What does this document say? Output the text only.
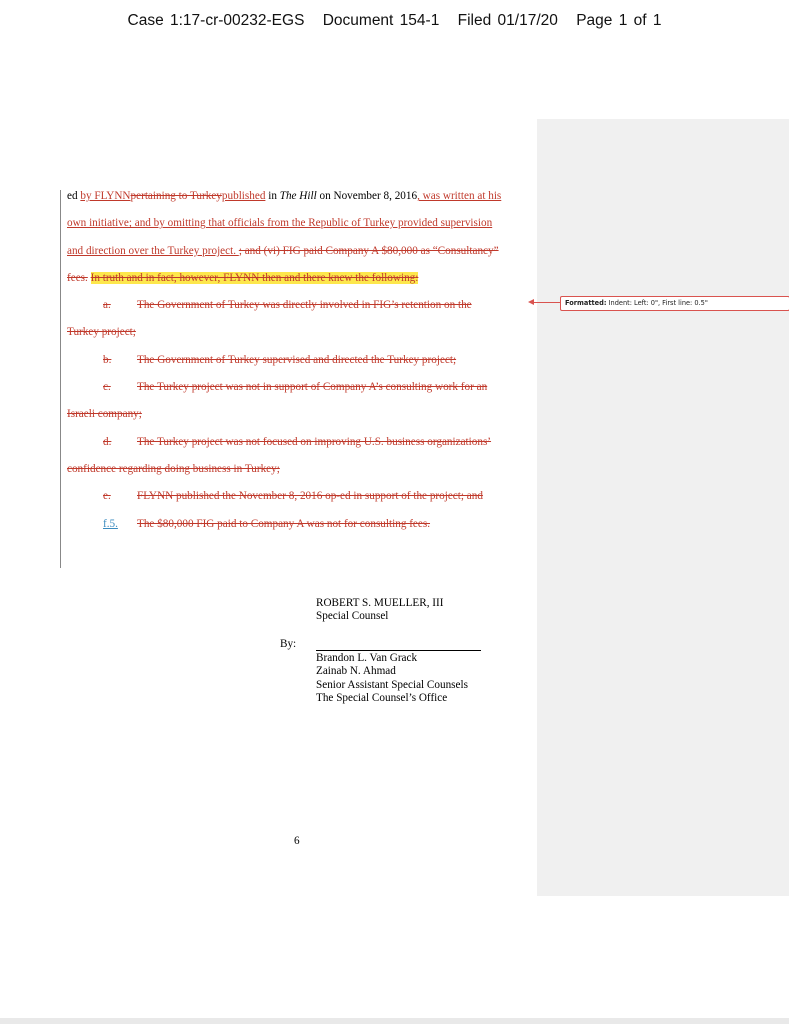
Case 1:17-cr-00232-EGS Document 154-1 Filed 01/17/20 Page 1 of 1
ed by FLYNNpertaining to Turkeypublished in The Hill on November 8, 2016, was written at his
own initiative; and by omitting that officials from the Republic of Turkey provided supervision
and direction over the Turkey project. ; and (vi) FIG paid Company A $80,000 as “Consultancy”
fees. In truth and in fact, however, FLYNN then and there knew the following:
a. The Government of Turkey was directly involved in FIG’s retention on the
Turkey project;
b. The Government of Turkey supervised and directed the Turkey project;
c. The Turkey project was not in support of Company A’s consulting work for an
Israeli company;
d. The Turkey project was not focused on improving U.S. business organizations’
confidence regarding doing business in Turkey;
e. FLYNN published the November 8, 2016 op-ed in support of the project; and
f.5. The $80,000 FIG paid to Company A was not for consulting fees.
Formatted: Indent: Left: 0", First line: 0.5"
ROBERT S. MUELLER, III
Special Counsel
By:
Brandon L. Van Grack
Zainab N. Ahmad
Senior Assistant Special Counsels
The Special Counsel’s Office
6
